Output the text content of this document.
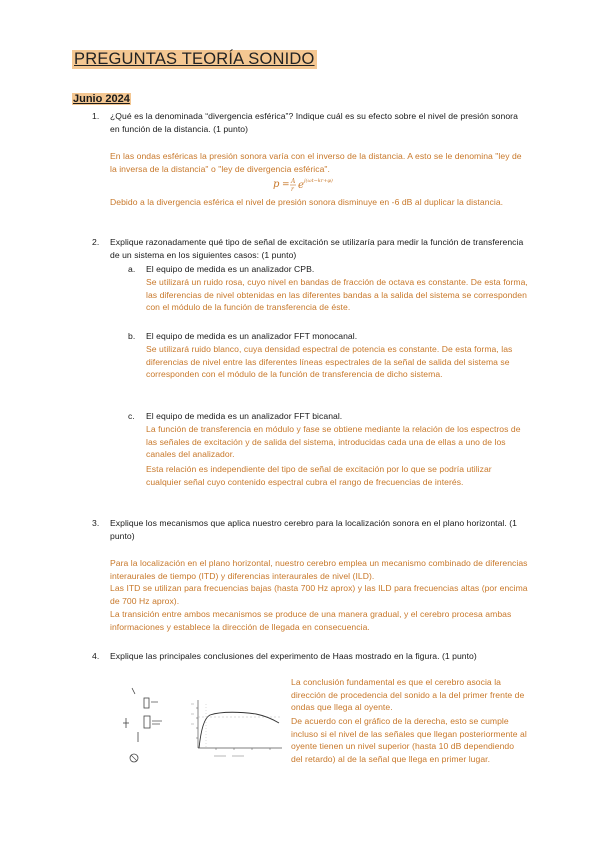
PREGUNTAS TEORÍA SONIDO
Junio 2024
1. ¿Qué es la denominada “divergencia esférica”? Indique cuál es su efecto sobre el nivel de presión sonora en función de la distancia. (1 punto)
En las ondas esféricas la presión sonora varía con el inverso de la distancia. A esto se le denomina "ley de la inversa de la distancia" o "ley de divergencia esférica".
p = A
r e j(ωt−kr+φ)
Debido a la divergencia esférica el nivel de presión sonora disminuye en -6 dB al duplicar la distancia.
2. Explique razonadamente qué tipo de señal de excitación se utilizaría para medir la función de transferencia de un sistema en los siguientes casos: (1 punto)
a. El equipo de medida es un analizador CPB.
Se utilizará un ruido rosa, cuyo nivel en bandas de fracción de octava es constante. De esta forma, las diferencias de nivel obtenidas en las diferentes bandas a la salida del sistema se corresponden con el módulo de la función de transferencia de éste.
b. El equipo de medida es un analizador FFT monocanal.
Se utilizará ruido blanco, cuya densidad espectral de potencia es constante. De esta forma, las diferencias de nivel entre las diferentes líneas espectrales de la señal de salida del sistema se corresponden con el módulo de la función de transferencia de dicho sistema.
c. El equipo de medida es un analizador FFT bicanal.
La función de transferencia en módulo y fase se obtiene mediante la relación de los espectros de las señales de excitación y de salida del sistema, introducidas cada una de ellas a uno de los canales del analizador.
Esta relación es independiente del tipo de señal de excitación por lo que se podría utilizar cualquier señal cuyo contenido espectral cubra el rango de frecuencias de interés.
3. Explique los mecanismos que aplica nuestro cerebro para la localización sonora en el plano horizontal. (1 punto)
Para la localización en el plano horizontal, nuestro cerebro emplea un mecanismo combinado de diferencias interaurales de tiempo (ITD) y diferencias interaurales de nivel (ILD).
Las ITD se utilizan para frecuencias bajas (hasta 700 Hz aprox) y las ILD para frecuencias altas (por encima de 700 Hz aprox).
La transición entre ambos mecanismos se produce de una manera gradual, y el cerebro procesa ambas informaciones y establece la dirección de llegada en consecuencia.
4. Explique las principales conclusiones del experimento de Haas mostrado en la figura. (1 punto)
La conclusión fundamental es que el cerebro asocia la dirección de procedencia del sonido a la del primer frente de ondas que llega al oyente.
De acuerdo con el gráfico de la derecha, esto se cumple incluso si el nivel de las señales que llegan posteriormente al oyente tienen un nivel superior (hasta 10 dB dependiendo del retardo) al de la señal que llega en primer lugar.
